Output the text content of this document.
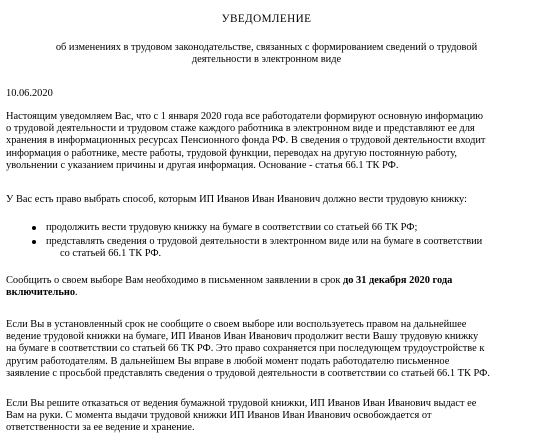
УВЕДОМЛЕНИЕ
об изменениях в трудовом законодательстве, связанных с формированием сведений о трудовой
деятельности в электронном виде
10.06.2020
Настоящим уведомляем Вас, что с 1 января 2020 года все работодатели формируют основную информацию
о трудовой деятельности и трудовом стаже каждого работника в электронном виде и представляют ее для
хранения в информационных ресурсах Пенсионного фонда РФ. В сведения о трудовой деятельности входит
информация о работнике, месте работы, трудовой функции, переводах на другую постоянную работу,
увольнении с указанием причины и другая информация. Основание - статья 66.1 ТК РФ.
У Вас есть право выбрать способ, которым ИП Иванов Иван Иванович должно вести трудовую книжку:
продолжить вести трудовую книжку на бумаге в соответствии со статьей 66 ТК РФ;
представлять сведения о трудовой деятельности в электронном виде или на бумаге в соответствии
со статьей 66.1 ТК РФ.
Сообщить о своем выборе Вам необходимо в письменном заявлении в срок до 31 декабря 2020 года
включительно.
Если Вы в установленный срок не сообщите о своем выборе или воспользуетесь правом на дальнейшее
ведение трудовой книжки на бумаге, ИП Иванов Иван Иванович продолжит вести Вашу трудовую книжку
на бумаге в соответствии со статьей 66 ТК РФ. Это право сохраняется при последующем трудоустройстве к
другим работодателям. В дальнейшем Вы вправе в любой момент подать работодателю письменное
заявление с просьбой представлять сведения о трудовой деятельности в соответствии со статьей 66.1 ТК РФ.
Если Вы решите отказаться от ведения бумажной трудовой книжки, ИП Иванов Иван Иванович выдаст ее
Вам на руки. С момента выдачи трудовой книжки ИП Иванов Иван Иванович освобождается от
ответственности за ее ведение и хранение.
